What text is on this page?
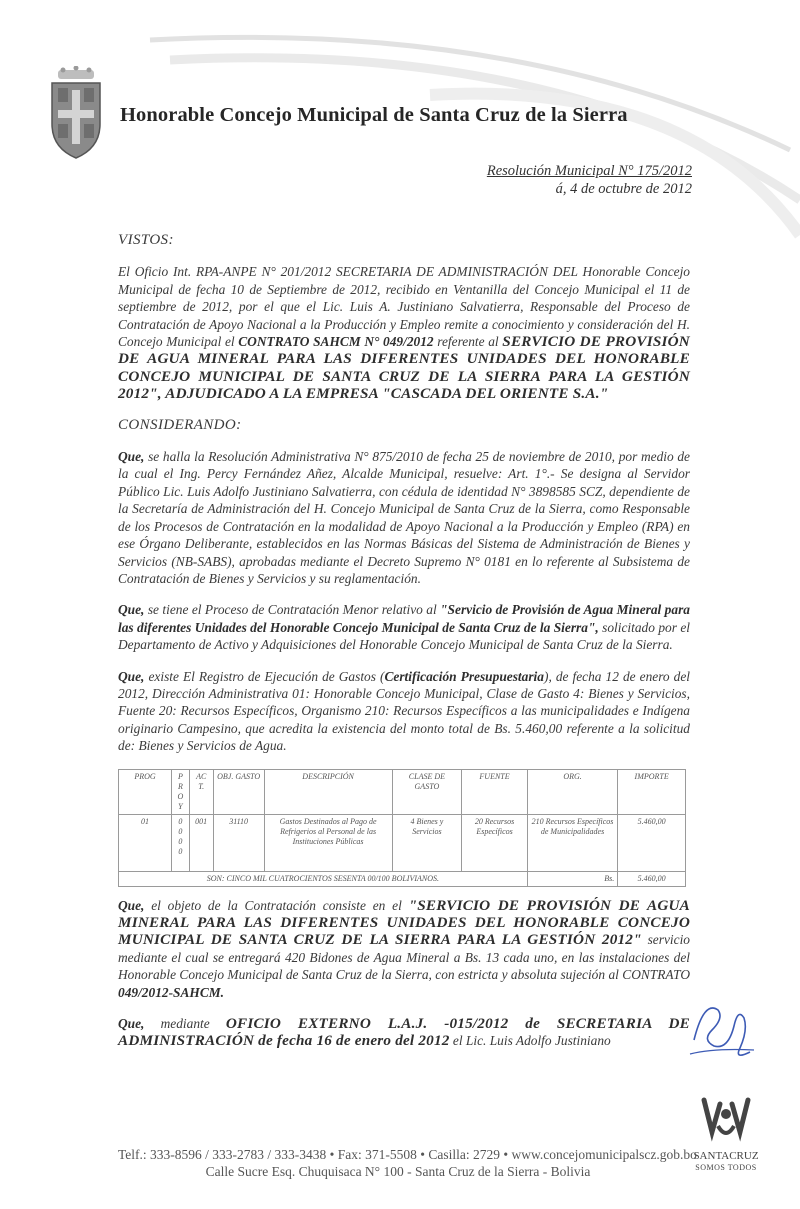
Honorable Concejo Municipal de Santa Cruz de la Sierra
Resolución Municipal N° 175/2012
á, 4 de octubre de 2012
VISTOS:

El Oficio Int. RPA-ANPE N° 201/2012 SECRETARIA DE ADMINISTRACIÓN DEL Honorable Concejo Municipal de fecha 10 de Septiembre de 2012, recibido en Ventanilla del Concejo Municipal el 11 de septiembre de 2012, por el que el Lic. Luis A. Justiniano Salvatierra, Responsable del Proceso de Contratación de Apoyo Nacional a la Producción y Empleo remite a conocimiento y consideración del H. Concejo Municipal el CONTRATO SAHCM N° 049/2012 referente al SERVICIO DE PROVISIÓN DE AGUA MINERAL PARA LAS DIFERENTES UNIDADES DEL HONORABLE CONCEJO MUNICIPAL DE SANTA CRUZ DE LA SIERRA PARA LA GESTIÓN 2012", ADJUDICADO A LA EMPRESA "CASCADA DEL ORIENTE S.A."

CONSIDERANDO:

Que, se halla la Resolución Administrativa N° 875/2010 de fecha 25 de noviembre de 2010, por medio de la cual el Ing. Percy Fernández Añez, Alcalde Municipal, resuelve: Art. 1°.- Se designa al Servidor Público Lic. Luis Adolfo Justiniano Salvatierra, con cédula de identidad N° 3898585 SCZ, dependiente de la Secretaría de Administración del H. Concejo Municipal de Santa Cruz de la Sierra, como Responsable de los Procesos de Contratación en la modalidad de Apoyo Nacional a la Producción y Empleo (RPA) en ese Órgano Deliberante, establecidos en las Normas Básicas del Sistema de Administración de Bienes y Servicios (NB-SABS), aprobadas mediante el Decreto Supremo N° 0181 en lo referente al Subsistema de Contratación de Bienes y Servicios y su reglamentación.

Que, se tiene el Proceso de Contratación Menor relativo al "Servicio de Provisión de Agua Mineral para las diferentes Unidades del Honorable Concejo Municipal de Santa Cruz de la Sierra", solicitado por el Departamento de Activo y Adquisiciones del Honorable Concejo Municipal de Santa Cruz de la Sierra.

Que, existe El Registro de Ejecución de Gastos (Certificación Presupuestaria), de fecha 12 de enero del 2012, Dirección Administrativa 01: Honorable Concejo Municipal, Clase de Gasto 4: Bienes y Servicios, Fuente 20: Recursos Específicos, Organismo 210: Recursos Específicos a las municipalidades e Indígena originario Campesino, que acredita la existencia del monto total de Bs. 5.460,00 referente a la solicitud de: Bienes y Servicios de Agua.

PROG	P R O Y	AC T.	OBJ. GASTO	DESCRIPCIÓN	CLASE DE GASTO	FUENTE	ORG.	IMPORTE
01	0
0
0
0	001	31110	Gastos Destinados al Pago de Refrigerios al Personal de las Instituciones Públicas	4 Bienes y Servicios	20 Recursos Específicos	210 Recursos Específicos de Municipalidades	5.460,00
SON: CINCO MIL CUATROCIENTOS SESENTA 00/100 BOLIVIANOS.							Bs.	5.460,00

Que, el objeto de la Contratación consiste en el "SERVICIO DE PROVISIÓN DE AGUA MINERAL PARA LAS DIFERENTES UNIDADES DEL HONORABLE CONCEJO MUNICIPAL DE SANTA CRUZ DE LA SIERRA PARA LA GESTIÓN 2012" servicio mediante el cual se entregará 420 Bidones de Agua Mineral a Bs. 13 cada uno, en las instalaciones del Honorable Concejo Municipal de Santa Cruz de la Sierra, con estricta y absoluta sujeción al CONTRATO 049/2012-SAHCM.

Que, mediante OFICIO EXTERNO L.A.J. -015/2012 de SECRETARIA DE ADMINISTRACIÓN de fecha 16 de enero del 2012 el Lic. Luis Adolfo Justiniano

SANTACRUZ
SOMOS TODOS
Telf.: 333-8596 / 333-2783 / 333-3438 • Fax: 371-5508 • Casilla: 2729 • www.concejomunicipalscz.gob.bo
Calle Sucre Esq. Chuquisaca N° 100 - Santa Cruz de la Sierra - Bolivia
